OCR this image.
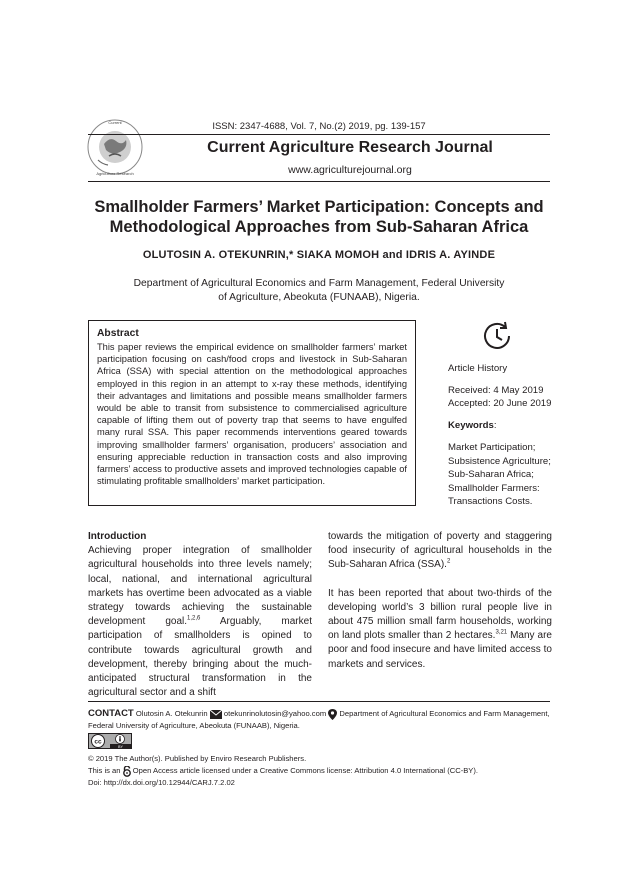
Current
Agriculture Research
ISSN: 2347-4688, Vol. 7, No.(2) 2019, pg. 139-157
Current Agriculture Research Journal
www.agriculturejournal.org
Smallholder Farmers’ Market Participation: Concepts and
Methodological Approaches from Sub-Saharan Africa
OLUTOSIN A. OTEKUNRIN,* SIAKA MOMOH and IDRIS A. AYINDE
Department of Agricultural Economics and Farm Management, Federal University
of Agriculture, Abeokuta (FUNAAB), Nigeria.
Abstract

This paper reviews the empirical evidence on smallholder farmers’ market participation focusing on cash/food crops and livestock in Sub-Saharan Africa (SSA) with special attention on the methodological approaches employed in this region in an attempt to x-ray these methods, identifying their advantages and limitations and possible means smallholder farmers would be able to transit from subsistence to commercialised agriculture capable of lifting them out of poverty trap that seems to have engulfed many rural SSA. This paper recommends interventions geared towards improving smallholder farmers’ organisation, producers’ association and ensuring appreciable reduction in transaction costs and also improving farmers’ access to productive assets and improved technologies capable of stimulating profitable smallholders’ market participation.

Article History
Received: 4 May 2019
Accepted: 20 June 2019
Keywords:
Market Participation;
Subsistence Agriculture;
Sub-Saharan Africa;
Smallholder Farmers:
Transactions Costs.
Introduction

Achieving proper integration of smallholder agricultural households into three levels namely; local, national, and international agricultural markets has overtime been advocated as a viable strategy towards achieving the sustainable development goal.$^{1,2,6}$ Arguably, market participation of smallholders is opined to contribute towards agricultural growth and development, thereby bringing about the much-anticipated structural transformation in the agricultural sector and a shift

towards the mitigation of poverty and staggering food insecurity of agricultural households in the Sub-Saharan Africa (SSA).$^2$

It has been reported that about two-thirds of the developing world’s 3 billion rural people live in about 475 million small farm households, working on land plots smaller than 2 hectares.$^{3,21}$ Many are poor and food insecure and have limited access to markets and services.

CONTACT Olutosin A. Otekunrin otekunrinolutosin@yahoo.com Department of Agricultural Economics and Farm Management, Federal University of Agriculture, Abeokuta (FUNAAB), Nigeria.
cc
BY
© 2019 The Author(s). Published by Enviro Research Publishers.
This is an Open Access article licensed under a Creative Commons license: Attribution 4.0 International (CC-BY).
Doi: http://dx.doi.org/10.12944/CARJ.7.2.02
